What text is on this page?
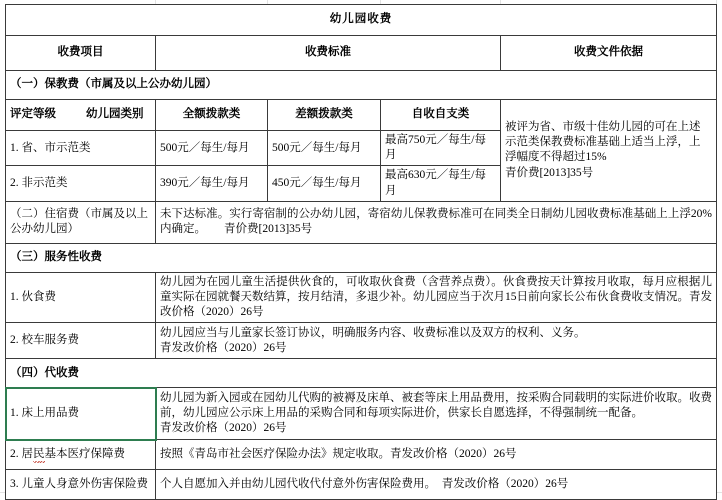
幼儿园收费				
收费项目	收费标准			收费文件依据
（一）保教费（市属及以上公办幼儿园）				
评定等级 幼儿园类别	全额拨款类	差额拨款类	自收自支类	被评为省、市级十佳幼儿园的可在上述
示范类保教费标准基础上适当上浮，上
浮幅度不得超过15%
青价费[2013]35号

1. 省、市示范类	500元／每生/每月	500元／每生/每月	最高750元／每生/每月	
2. 非示范类	390元／每生/每月	450元／每生/每月	最高630元／每生/每月	
（二）住宿费（市属及以上公办幼儿园）	未下达标准。实行寄宿制的公办幼儿园，寄宿幼儿保教费标准可在同类全日制幼儿园收费标准基础上上浮20%内确定。 青价费[2013]35号			
（三）服务性收费				
1. 伙食费	幼儿园为在园儿童生活提供伙食的，可收取伙食费（含营养点费）。伙食费按天计算按月收取，每月应根据儿童实际在园就餐天数结算，按月结清，多退少补。幼儿园应当于次月15日前向家长公布伙食费收支情况。青发改价格（2020）26号			
2. 校车服务费	幼儿园应当与儿童家长签订协议，明确服务内容、收费标准以及双方的权利、义务。
青发改价格（2020）26号			

（四）代收费				
1. 床上用品费	幼儿园为新入园或在园幼儿代购的被褥及床单、被套等床上用品费用，按采购合同载明的实际进价收取。收费前，幼儿园应公示床上用品的采购合同和每项实际进价，供家长自愿选择，不得强制统一配备。
青发改价格（2020）26号			

2. 居民基本医疗保障费	按照《青岛市社会医疗保险办法》规定收取。青发改价格（2020）26号			
3. 儿童人身意外伤害保险费	个人自愿加入并由幼儿园代收代付意外伤害保险费用。　青发改价格（2020）26号			
